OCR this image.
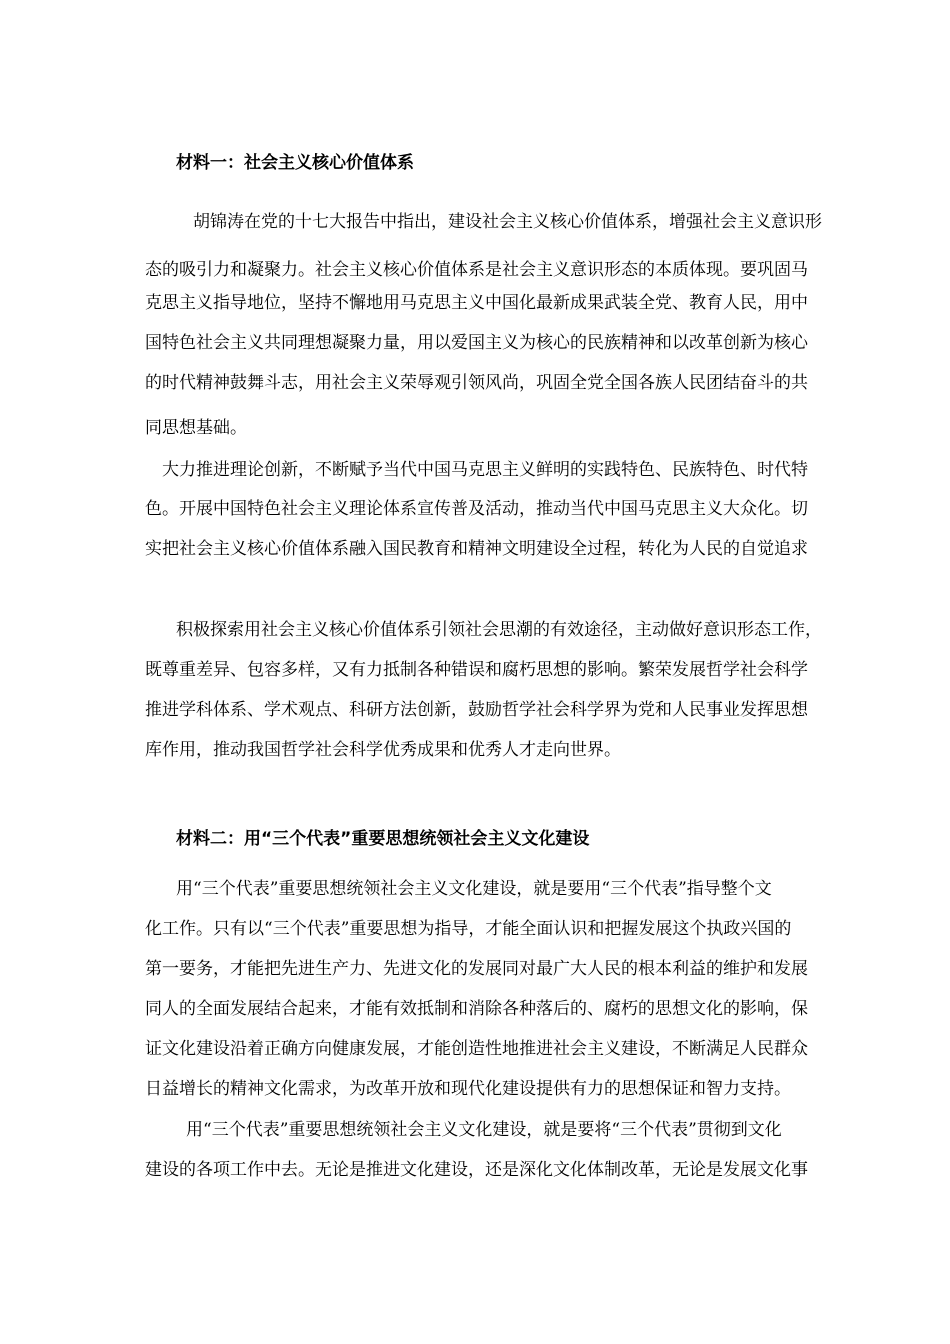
材料一：社会主义核心价值体系
　胡锦涛在党的十七大报告中指出，建设社会主义核心价值体系，增强社会主义意识形
态的吸引力和凝聚力。社会主义核心价值体系是社会主义意识形态的本质体现。要巩固马
克思主义指导地位，坚持不懈地用马克思主义中国化最新成果武装全党、教育人民，用中
国特色社会主义共同理想凝聚力量，用以爱国主义为核心的民族精神和以改革创新为核心
的时代精神鼓舞斗志，用社会主义荣辱观引领风尚，巩固全党全国各族人民团结奋斗的共
同思想基础。
大力推进理论创新，不断赋予当代中国马克思主义鲜明的实践特色、民族特色、时代特
色。开展中国特色社会主义理论体系宣传普及活动，推动当代中国马克思主义大众化。切
实把社会主义核心价值体系融入国民教育和精神文明建设全过程，转化为人民的自觉追求
积极探索用社会主义核心价值体系引领社会思潮的有效途径，主动做好意识形态工作，
既尊重差异、包容多样，又有力抵制各种错误和腐朽思想的影响。繁荣发展哲学社会科学
推进学科体系、学术观点、科研方法创新，鼓励哲学社会科学界为党和人民事业发挥思想
库作用，推动我国哲学社会科学优秀成果和优秀人才走向世界。
材料二：用“三个代表”重要思想统领社会主义文化建设
用“三个代表”重要思想统领社会主义文化建设，就是要用“三个代表”指导整个文
化工作。只有以“三个代表”重要思想为指导，才能全面认识和把握发展这个执政兴国的
第一要务，才能把先进生产力、先进文化的发展同对最广大人民的根本利益的维护和发展
同人的全面发展结合起来，才能有效抵制和消除各种落后的、腐朽的思想文化的影响，保
证文化建设沿着正确方向健康发展，才能创造性地推进社会主义建设，不断满足人民群众
日益增长的精神文化需求，为改革开放和现代化建设提供有力的思想保证和智力支持。
用“三个代表”重要思想统领社会主义文化建设，就是要将“三个代表”贯彻到文化
建设的各项工作中去。无论是推进文化建设，还是深化文化体制改革，无论是发展文化事
